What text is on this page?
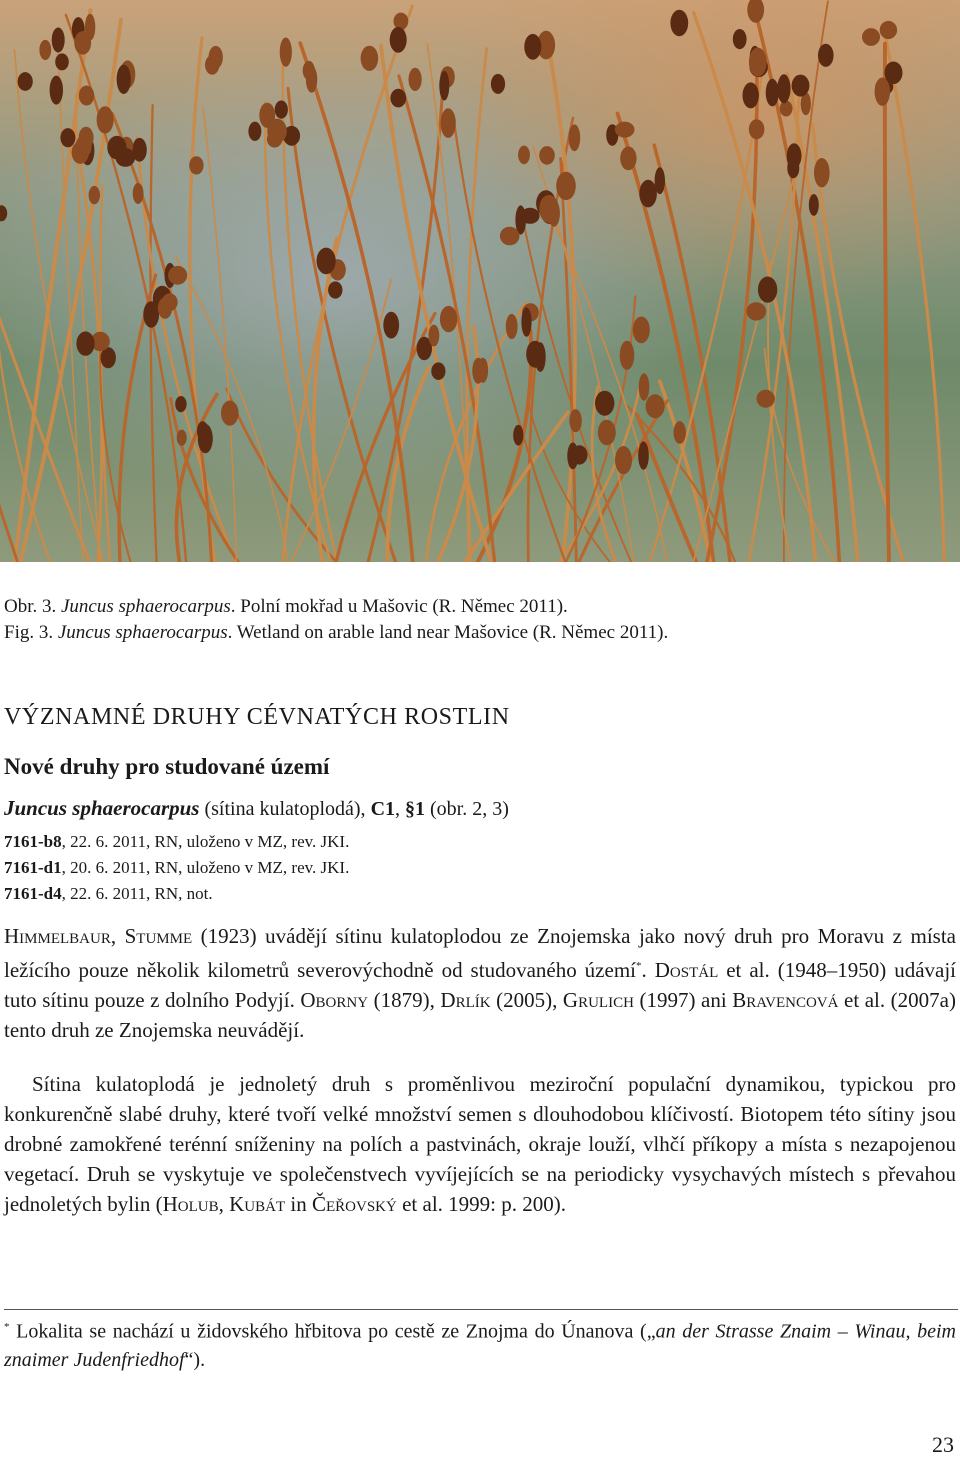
Obr. 3. Juncus sphaerocarpus. Polní mokřad u Mašovic (R. Němec 2011).
Fig. 3. Juncus sphaerocarpus. Wetland on arable land near Mašovice (R. Němec 2011).
VÝZNAMNÉ DRUHY CÉVNATÝCH ROSTLIN
Nové druhy pro studované území
Juncus sphaerocarpus (sítina kulatoplodá), C1, §1 (obr. 2, 3)
7161-b8, 22. 6. 2011, RN, uloženo v MZ, rev. JKI.
7161-d1, 20. 6. 2011, RN, uloženo v MZ, rev. JKI.
7161-d4, 22. 6. 2011, RN, not.
Himmelbaur, Stumme (1923) uvádějí sítinu kulatoplodou ze Znojemska jako nový druh pro Moravu z místa ležícího pouze několik kilometrů severovýchodně od studovaného území*. Dostál et al. (1948–1950) udávají tuto sítinu pouze z dolního Podyjí. Oborny (1879), Drlík (2005), Grulich (1997) ani Bravencová et al. (2007a) tento druh ze Znojemska neuvádějí.
Sítina kulatoplodá je jednoletý druh s proměnlivou meziroční populační dynamikou, typickou pro konkurenčně slabé druhy, které tvoří velké množství semen s dlouhodobou klíčivostí. Biotopem této sítiny jsou drobné zamokřené terénní sníženiny na polích a pastvinách, okraje louží, vlhčí příkopy a místa s nezapojenou vegetací. Druh se vyskytuje ve společenstvech vyvíjejících se na periodicky vysychavých místech s převahou jednoletých bylin (Holub, Kubát in Čeřovský et al. 1999: p. 200).
* Lokalita se nachází u židovského hřbitova po cestě ze Znojma do Únanova („an der Strasse Znaim – Winau, beim znaimer Judenfriedhof“).
23
